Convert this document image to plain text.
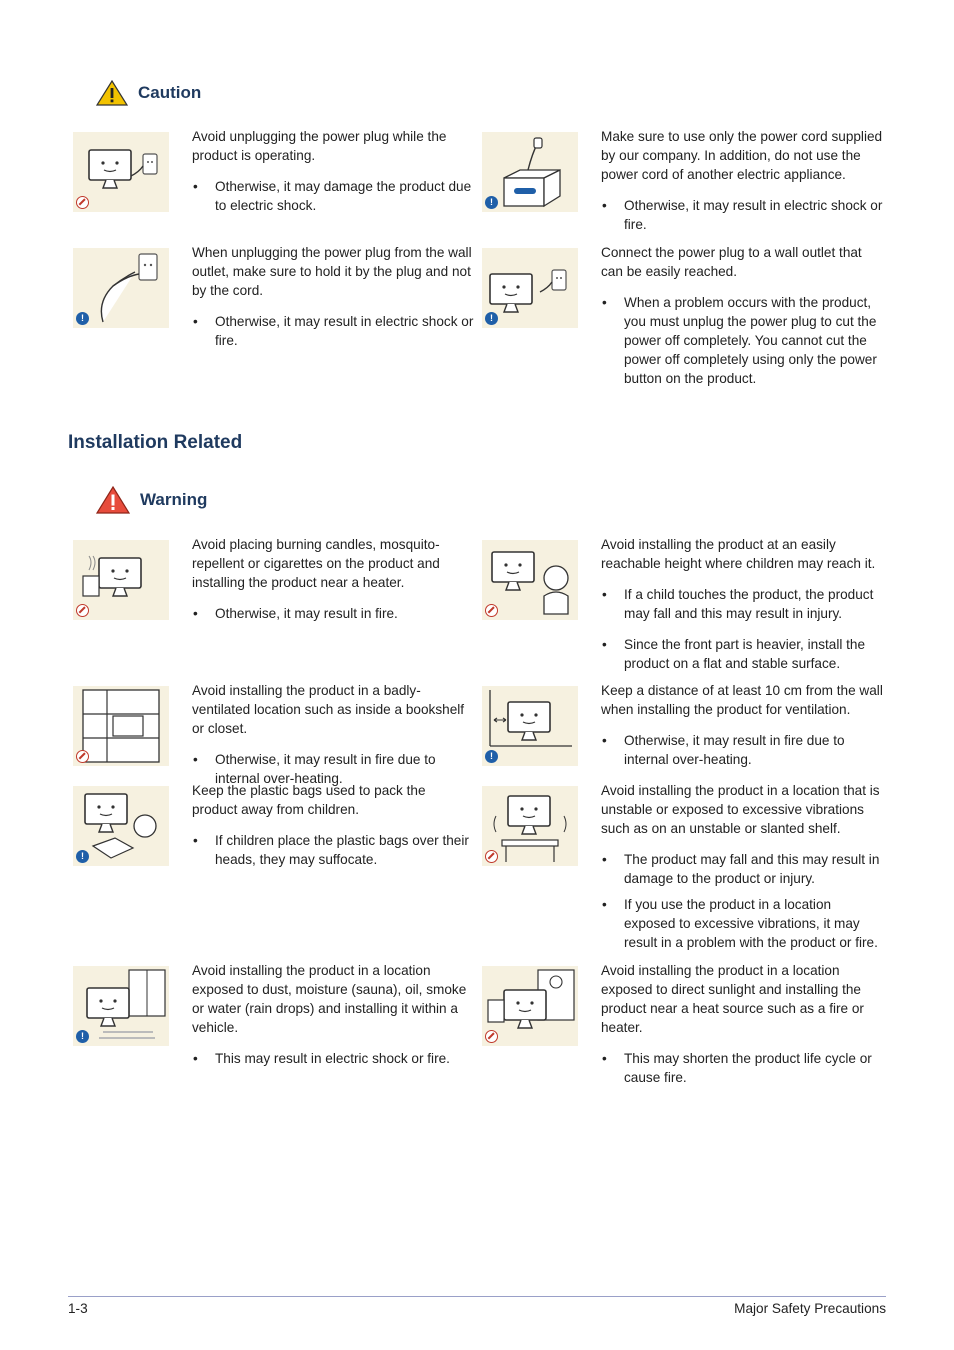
Caution
!
!	!

Avoid unplugging the power plug while the product is operating.

• Otherwise, it may damage the product due to electric shock.

Make sure to use only the power cord supplied by our company. In addition, do not use the power cord of another electric appliance.

• Otherwise, it may result in electric shock or fire.

When unplugging the power plug from the wall outlet, make sure to hold it by the plug and not by the cord.

• Otherwise, it may result in electric shock or fire.

Connect the power plug to a wall outlet that can be easily reached.

• When a problem occurs with the product, you must unplug the power plug to cut the power off completely. You cannot cut the power off completely using only the power button on the product.
Installation Related
Warning
!
!
!

Avoid placing burning candles, mosquito-repellent or cigarettes on the product and installing the product near a heater.

• Otherwise, it may result in fire.

Avoid installing the product at an easily reachable height where children may reach it.

• If a child touches the product, the product may fall and this may result in injury.
• Since the front part is heavier, install the product on a flat and stable surface.

Avoid installing the product in a badly-ventilated location such as inside a bookshelf or closet.

• Otherwise, it may result in fire due to internal over-heating.

Keep a distance of at least 10 cm from the wall when installing the product for ventilation.

• Otherwise, it may result in fire due to internal over-heating.

Keep the plastic bags used to pack the product away from children.

• If children place the plastic bags over their heads, they may suffocate.

Avoid installing the product in a location that is unstable or exposed to excessive vibrations such as on an unstable or slanted shelf.

• The product may fall and this may result in damage to the product or injury.
• If you use the product in a location exposed to excessive vibrations, it may result in a problem with the product or fire.

Avoid installing the product in a location exposed to dust, moisture (sauna), oil, smoke or water (rain drops) and installing it within a vehicle.

• This may result in electric shock or fire.

Avoid installing the product in a location exposed to direct sunlight and installing the product near a heat source such as a fire or heater.

• This may shorten the product life cycle or cause fire.
1-3	Major Safety Precautions
